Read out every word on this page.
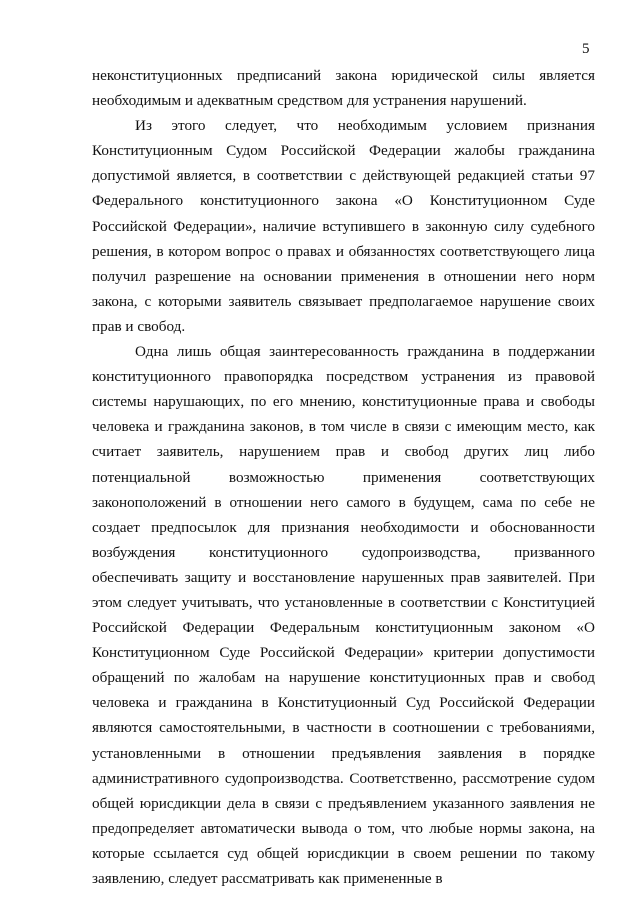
5

неконституционных предписаний закона юридической силы является необходимым и адекватным средством для устранения нарушений.

Из этого следует, что необходимым условием признания Конституционным Судом Российской Федерации жалобы гражданина допустимой является, в соответствии с действующей редакцией статьи 97 Федерального конституционного закона «О Конституционном Суде Российской Федерации», наличие вступившего в законную силу судебного решения, в котором вопрос о правах и обязанностях соответствующего лица получил разрешение на основании применения в отношении него норм закона, с которыми заявитель связывает предполагаемое нарушение своих прав и свобод.

Одна лишь общая заинтересованность гражданина в поддержании конституционного правопорядка посредством устранения из правовой системы нарушающих, по его мнению, конституционные права и свободы человека и гражданина законов, в том числе в связи с имеющим место, как считает заявитель, нарушением прав и свобод других лиц либо потенциальной возможностью применения соответствующих законоположений в отношении него самого в будущем, сама по себе не создает предпосылок для признания необходимости и обоснованности возбуждения конституционного судопроизводства, призванного обеспечивать защиту и восстановление нарушенных прав заявителей. При этом следует учитывать, что установленные в соответствии с Конституцией Российской Федерации Федеральным конституционным законом «О Конституционном Суде Российской Федерации» критерии допустимости обращений по жалобам на нарушение конституционных прав и свобод человека и гражданина в Конституционный Суд Российской Федерации являются самостоятельными, в частности в соотношении с требованиями, установленными в отношении предъявления заявления в порядке административного судопроизводства. Соответственно, рассмотрение судом общей юрисдикции дела в связи с предъявлением указанного заявления не предопределяет автоматически вывода о том, что любые нормы закона, на которые ссылается суд общей юрисдикции в своем решении по такому заявлению, следует рассматривать как примененные в
